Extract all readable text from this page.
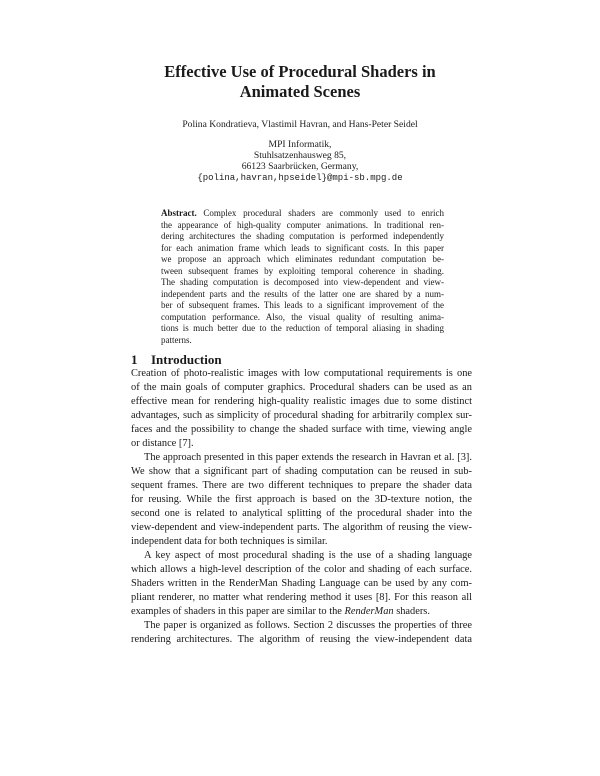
Effective Use of Procedural Shaders in
Animated Scenes
Polina Kondratieva, Vlastimil Havran, and Hans-Peter Seidel
MPI Informatik,
Stuhlsatzenhausweg 85,
66123 Saarbrücken, Germany,
{polina,havran,hpseidel}@mpi-sb.mpg.de
Abstract. Complex procedural shaders are commonly used to enrich
the appearance of high-quality computer animations. In traditional ren-
dering architectures the shading computation is performed independently
for each animation frame which leads to significant costs. In this paper
we propose an approach which eliminates redundant computation be-
tween subsequent frames by exploiting temporal coherence in shading.
The shading computation is decomposed into view-dependent and view-
independent parts and the results of the latter one are shared by a num-
ber of subsequent frames. This leads to a significant improvement of the
computation performance. Also, the visual quality of resulting anima-
tions is much better due to the reduction of temporal aliasing in shading
patterns.
1 Introduction
Creation of photo-realistic images with low computational requirements is one
of the main goals of computer graphics. Procedural shaders can be used as an
effective mean for rendering high-quality realistic images due to some distinct
advantages, such as simplicity of procedural shading for arbitrarily complex sur-
faces and the possibility to change the shaded surface with time, viewing angle
or distance [7].
The approach presented in this paper extends the research in Havran et al. [3].
We show that a significant part of shading computation can be reused in sub-
sequent frames. There are two different techniques to prepare the shader data
for reusing. While the first approach is based on the 3D-texture notion, the
second one is related to analytical splitting of the procedural shader into the
view-dependent and view-independent parts. The algorithm of reusing the view-
independent data for both techniques is similar.
A key aspect of most procedural shading is the use of a shading language
which allows a high-level description of the color and shading of each surface.
Shaders written in the RenderMan Shading Language can be used by any com-
pliant renderer, no matter what rendering method it uses [8]. For this reason all
examples of shaders in this paper are similar to the RenderMan shaders.
The paper is organized as follows. Section 2 discusses the properties of three
rendering architectures. The algorithm of reusing the view-independent data
